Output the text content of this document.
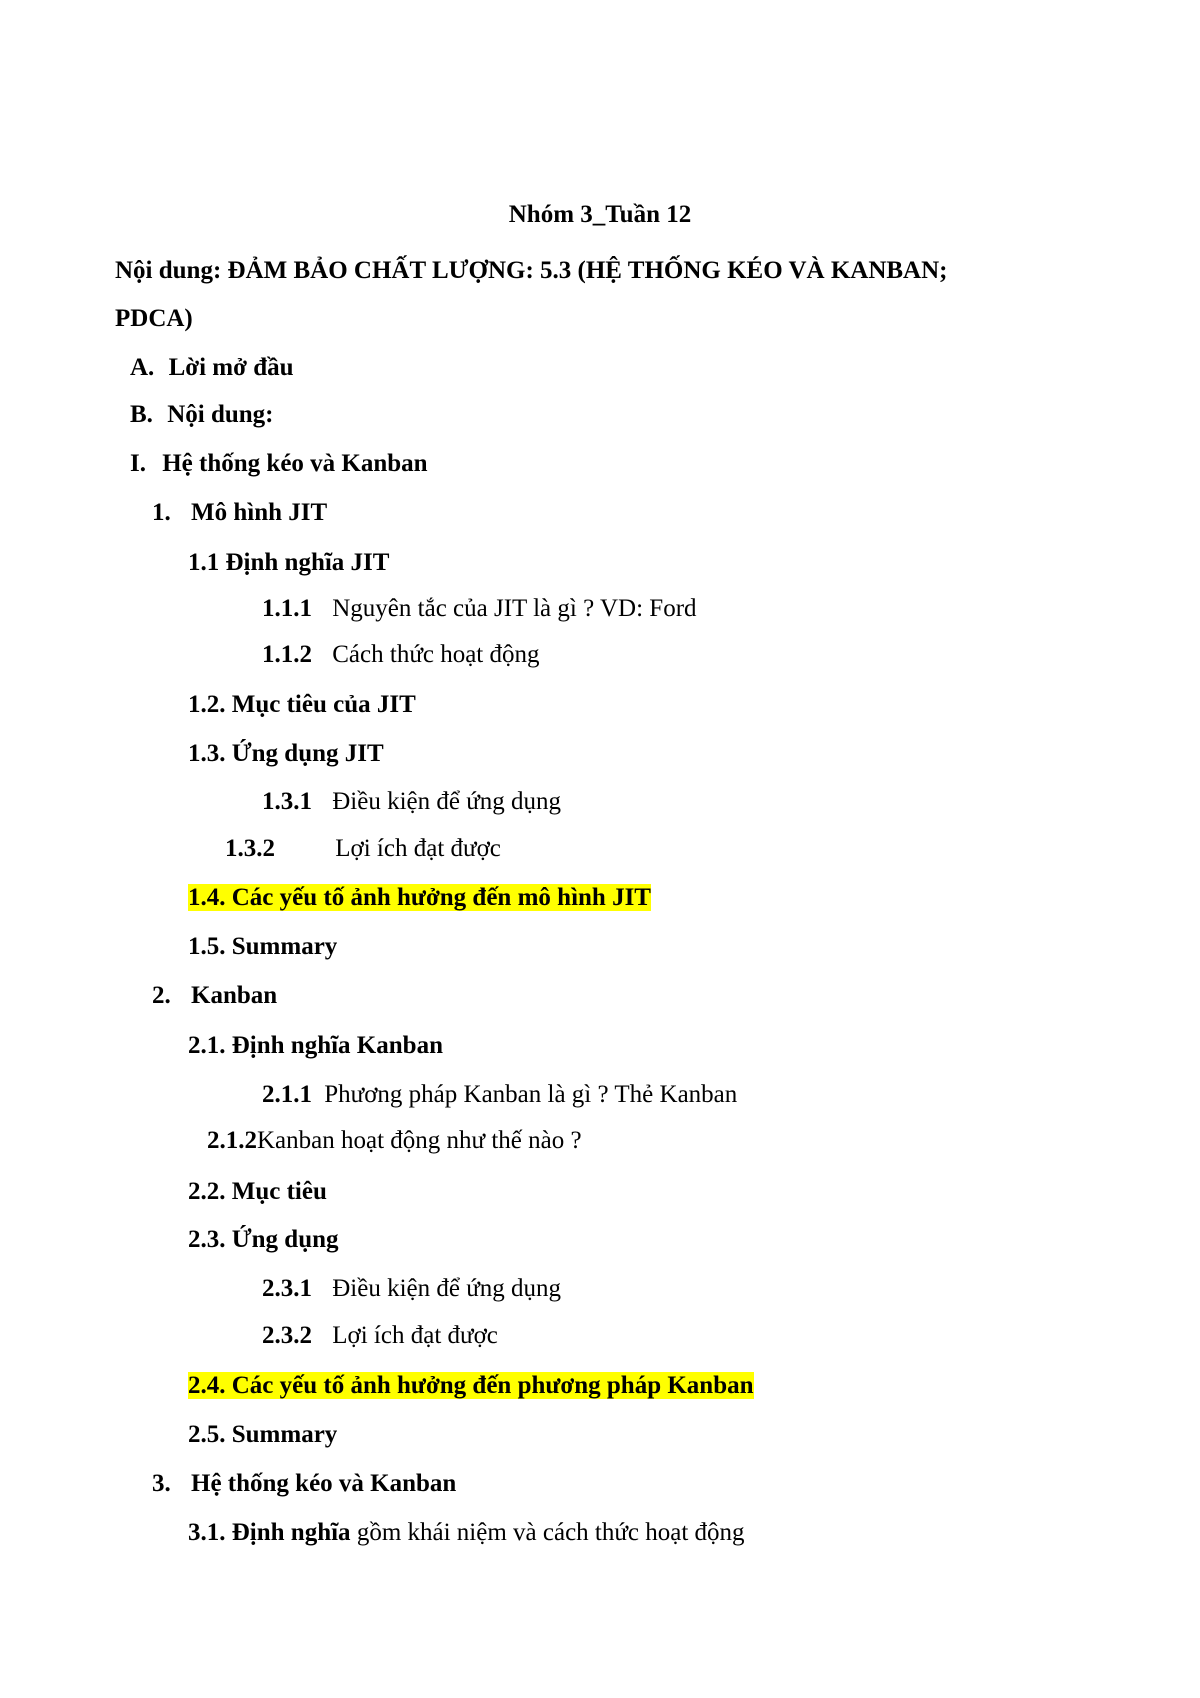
Nhóm 3_Tuần 12
Nội dung: ĐẢM BẢO CHẤT LƯỢNG: 5.3 (HỆ THỐNG KÉO VÀ KANBAN;
PDCA)
A. Lời mở đầu
B. Nội dung:
I. Hệ thống kéo và Kanban
1. Mô hình JIT
1.1 Định nghĩa JIT
1.1.1 Nguyên tắc của JIT là gì ? VD: Ford
1.1.2 Cách thức hoạt động
1.2. Mục tiêu của JIT
1.3. Ứng dụng JIT
1.3.1 Điều kiện để ứng dụng
1.3.2 Lợi ích đạt được
1.4. Các yếu tố ảnh hưởng đến mô hình JIT
1.5. Summary
2. Kanban
2.1. Định nghĩa Kanban
2.1.1 Phương pháp Kanban là gì ? Thẻ Kanban
2.1.2Kanban hoạt động như thế nào ?
2.2. Mục tiêu
2.3. Ứng dụng
2.3.1 Điều kiện để ứng dụng
2.3.2 Lợi ích đạt được
2.4. Các yếu tố ảnh hưởng đến phương pháp Kanban
2.5. Summary
3. Hệ thống kéo và Kanban
3.1. Định nghĩa gồm khái niệm và cách thức hoạt động
